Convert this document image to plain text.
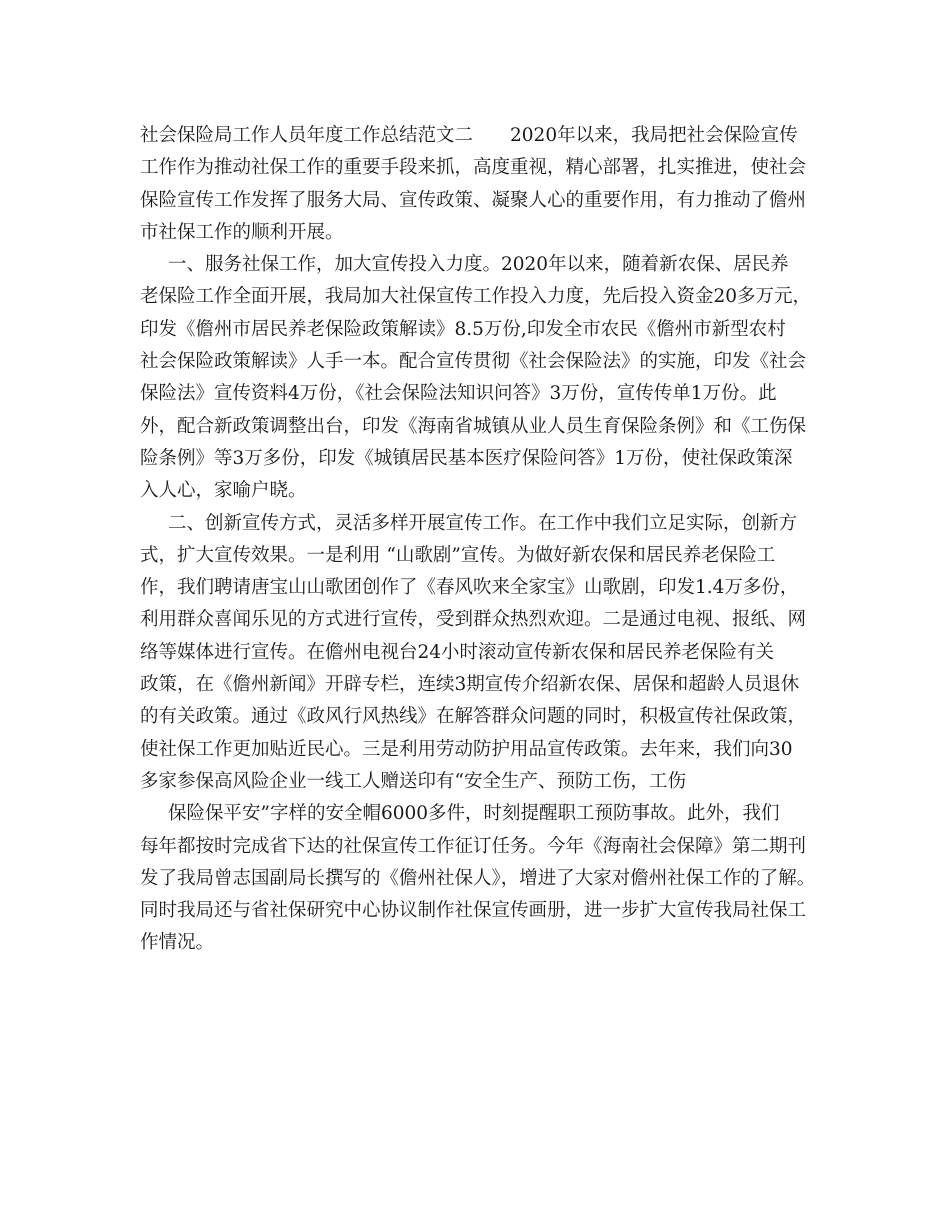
社会保险局工作人员年度工作总结范文二　　2020年以来，我局把社会保险宣传
工作作为推动社保工作的重要手段来抓，高度重视，精心部署，扎实推进，使社会
保险宣传工作发挥了服务大局、宣传政策、凝聚人心的重要作用，有力推动了儋州
市社保工作的顺利开展。
一、服务社保工作，加大宣传投入力度。2020年以来，随着新农保、居民养
老保险工作全面开展，我局加大社保宣传工作投入力度，先后投入资金20多万元，
印发《儋州市居民养老保险政策解读》8.5万份,印发全市农民《儋州市新型农村
社会保险政策解读》人手一本。配合宣传贯彻《社会保险法》的实施，印发《社会
保险法》宣传资料4万份，《社会保险法知识问答》3万份，宣传传单1万份。此
外，配合新政策调整出台，印发《海南省城镇从业人员生育保险条例》和《工伤保
险条例》等3万多份，印发《城镇居民基本医疗保险问答》1万份，使社保政策深
入人心，家喻户晓。
二、创新宣传方式，灵活多样开展宣传工作。在工作中我们立足实际，创新方
式，扩大宣传效果。一是利用 “山歌剧”宣传。为做好新农保和居民养老保险工
作，我们聘请唐宝山山歌团创作了《春风吹来全家宝》山歌剧，印发1.4万多份，
利用群众喜闻乐见的方式进行宣传，受到群众热烈欢迎。二是通过电视、报纸、网
络等媒体进行宣传。在儋州电视台24小时滚动宣传新农保和居民养老保险有关
政策，在《儋州新闻》开辟专栏，连续3期宣传介绍新农保、居保和超龄人员退休
的有关政策。通过《政风行风热线》在解答群众问题的同时，积极宣传社保政策，
使社保工作更加贴近民心。三是利用劳动防护用品宣传政策。去年来，我们向30
多家参保高风险企业一线工人赠送印有“安全生产、预防工伤，工伤
保险保平安”字样的安全帽6000多件，时刻提醒职工预防事故。此外，我们
每年都按时完成省下达的社保宣传工作征订任务。今年《海南社会保障》第二期刊
发了我局曾志国副局长撰写的《儋州社保人》，增进了大家对儋州社保工作的了解。
同时我局还与省社保研究中心协议制作社保宣传画册，进一步扩大宣传我局社保工
作情况。
